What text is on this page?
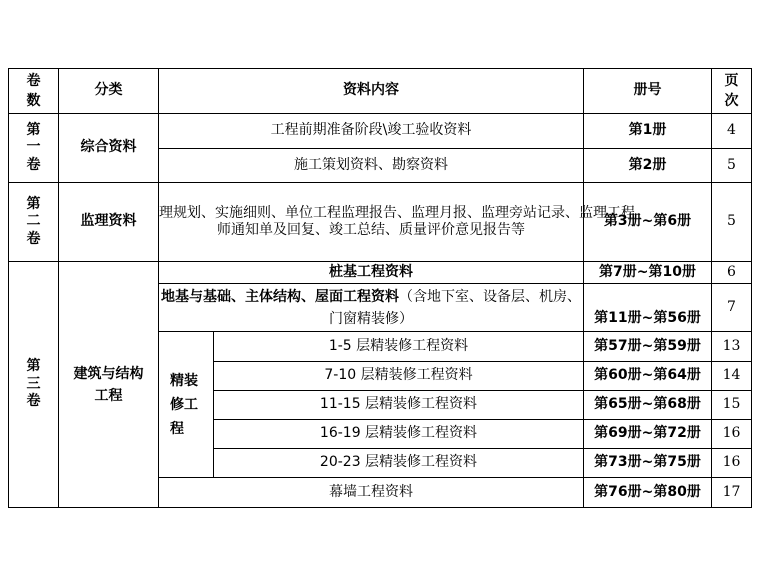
卷数	分类	资料内容		册号	页次

第一卷	综合资料	工程前期准备阶段\竣工验收资料		第1册	4
		施工策划资料、勘察资料		第2册	5

第二卷	监理资料	理规划、实施细则、单位工程监理报告、监理月报、监理旁站记录、监理工程
师通知单及回复、竣工总结、质量评价意见报告等		第3册~第6册	5

第三卷	建筑与结构工程	桩基工程资料		第7册~第10册	6
		地基与基础、主体结构、屋面工程资料（含地下室、设备层、机房、门窗精装修）		第11册~第56册	7

		精装修工程	1-5 层精装修工程资料	第57册~第59册	13
			7-10 层精装修工程资料	第60册~第64册	14
			11-15 层精装修工程资料	第65册~第68册	15
			16-19 层精装修工程资料	第69册~第72册	16
			20-23 层精装修工程资料	第73册~第75册	16
		幕墙工程资料		第76册~第80册	17
